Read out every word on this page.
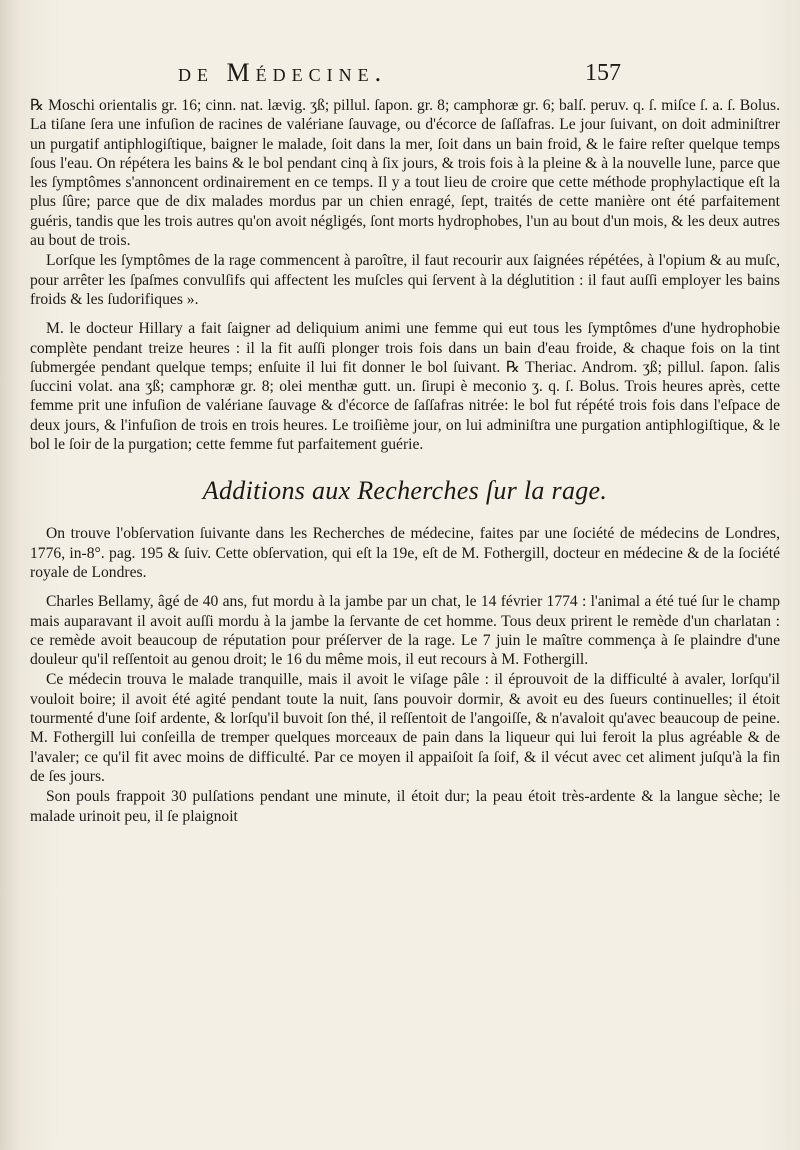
de Médecine.	157

℞ Moschi orientalis gr. 16; cinn. nat. lævig. ʒß; pillul. ſapon. gr. 8; camphoræ gr. 6; balſ. peruv. q. ſ. miſce ſ. a. ſ. Bolus. La tiſane ſera une infuſion de racines de valériane ſauvage, ou d'écorce de ſaſſafras. Le jour ſuivant, on doit adminiſtrer un purgatif antiphlogiſtique, baigner le malade, ſoit dans la mer, ſoit dans un bain froid, & le faire reſter quelque temps ſous l'eau. On répétera les bains & le bol pendant cinq à ſix jours, & trois fois à la pleine & à la nouvelle lune, parce que les ſymptômes s'annoncent ordinairement en ce temps. Il y a tout lieu de croire que cette méthode prophylactique eſt la plus ſûre; parce que de dix malades mordus par un chien enragé, ſept, traités de cette manière ont été parfaitement guéris, tandis que les trois autres qu'on avoit négligés, ſont morts hydrophobes, l'un au bout d'un mois, & les deux autres au bout de trois.

Lorſque les ſymptômes de la rage commencent à paroître, il faut recourir aux ſaignées répétées, à l'opium & au muſc, pour arrêter les ſpaſmes convulſifs qui affectent les muſcles qui ſervent à la déglutition : il faut auſſi employer les bains froids & les ſudorifiques ».

M. le docteur Hillary a fait ſaigner ad deliquium animi une femme qui eut tous les ſymptômes d'une hydrophobie complète pendant treize heures : il la fit auſſi plonger trois fois dans un bain d'eau froide, & chaque fois on la tint ſubmergée pendant quelque temps; enſuite il lui fit donner le bol ſuivant. ℞ Theriac. Androm. ʒß; pillul. ſapon. ſalis ſuccini volat. ana ʒß; camphoræ gr. 8; olei menthæ gutt. un. ſirupi è meconio ʒ. q. ſ. Bolus. Trois heures après, cette femme prit une infuſion de valériane ſauvage & d'écorce de ſaſſafras nitrée: le bol fut répété trois fois dans l'eſpace de deux jours, & l'infuſion de trois en trois heures. Le troiſième jour, on lui adminiſtra une purgation antiphlogiſtique, & le bol le ſoir de la purgation; cette femme fut parfaitement guérie.

Additions aux Recherches ſur la rage.

On trouve l'obſervation ſuivante dans les Recherches de médecine, faites par une ſociété de médecins de Londres, 1776, in-8°. pag. 195 & ſuiv. Cette obſervation, qui eſt la 19e, eſt de M. Fothergill, docteur en médecine & de la ſociété royale de Londres.

Charles Bellamy, âgé de 40 ans, fut mordu à la jambe par un chat, le 14 février 1774 : l'animal a été tué ſur le champ mais auparavant il avoit auſſi mordu à la jambe la ſervante de cet homme. Tous deux prirent le remède d'un charlatan : ce remède avoit beaucoup de réputation pour préſerver de la rage. Le 7 juin le maître commença à ſe plaindre d'une douleur qu'il reſſentoit au genou droit; le 16 du même mois, il eut recours à M. Fothergill.

Ce médecin trouva le malade tranquille, mais il avoit le viſage pâle : il éprouvoit de la difficulté à avaler, lorſqu'il vouloit boire; il avoit été agité pendant toute la nuit, ſans pouvoir dormir, & avoit eu des ſueurs continuelles; il étoit tourmenté d'une ſoif ardente, & lorſqu'il buvoit ſon thé, il reſſentoit de l'angoiſſe, & n'avaloit qu'avec beaucoup de peine. M. Fothergill lui conſeilla de tremper quelques morceaux de pain dans la liqueur qui lui feroit la plus agréable & de l'avaler; ce qu'il fit avec moins de difficulté. Par ce moyen il appaiſoit ſa ſoif, & il vécut avec cet aliment juſqu'à la fin de ſes jours.

Son pouls frappoit 30 pulſations pendant une minute, il étoit dur; la peau étoit très-ardente & la langue sèche; le malade urinoit peu, il ſe plaignoit
